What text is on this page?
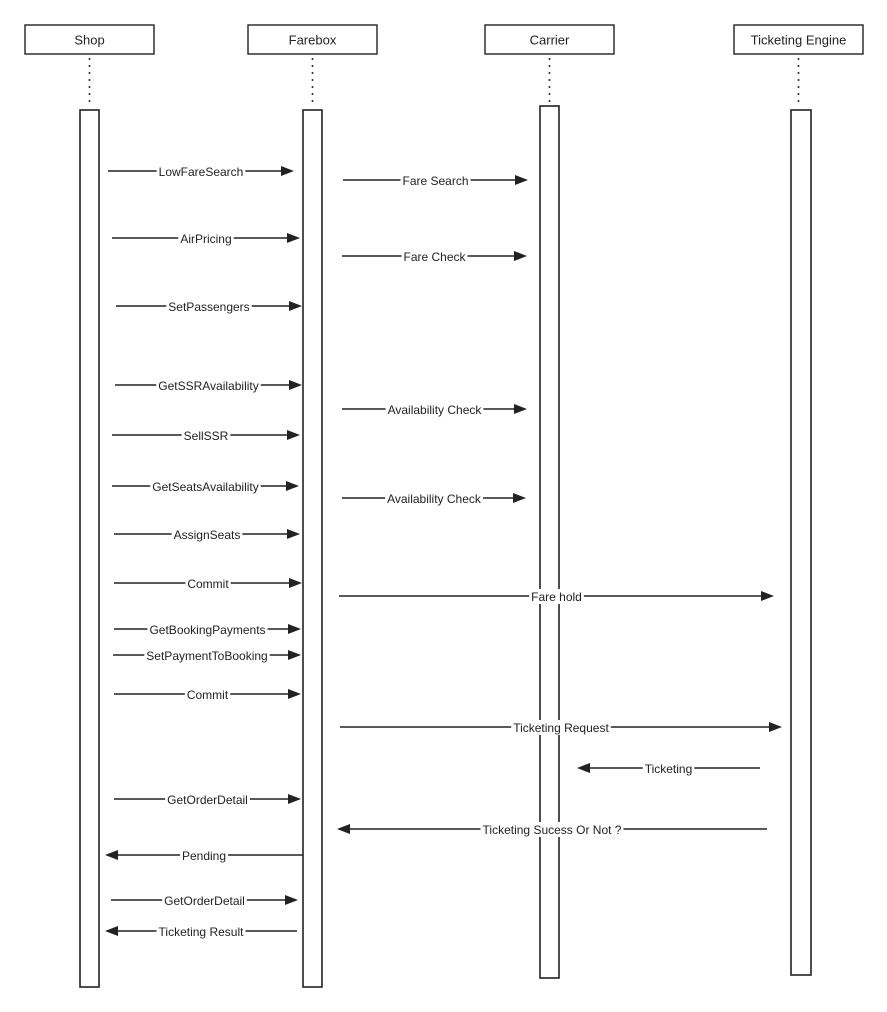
Shop	Farebox	Carrier	Ticketing Engine
LowFareSearch
Fare Search
AirPricing
Fare Check
SetPassengers
GetSSRAvailability
Availability Check
SellSSR
GetSeatsAvailability
Availability Check
AssignSeats
Commit
Fare hold
GetBookingPayments
SetPaymentToBooking
Commit
Ticketing Request
Ticketing
GetOrderDetail
Ticketing Sucess Or Not ?
Pending
GetOrderDetail
Ticketing Result
